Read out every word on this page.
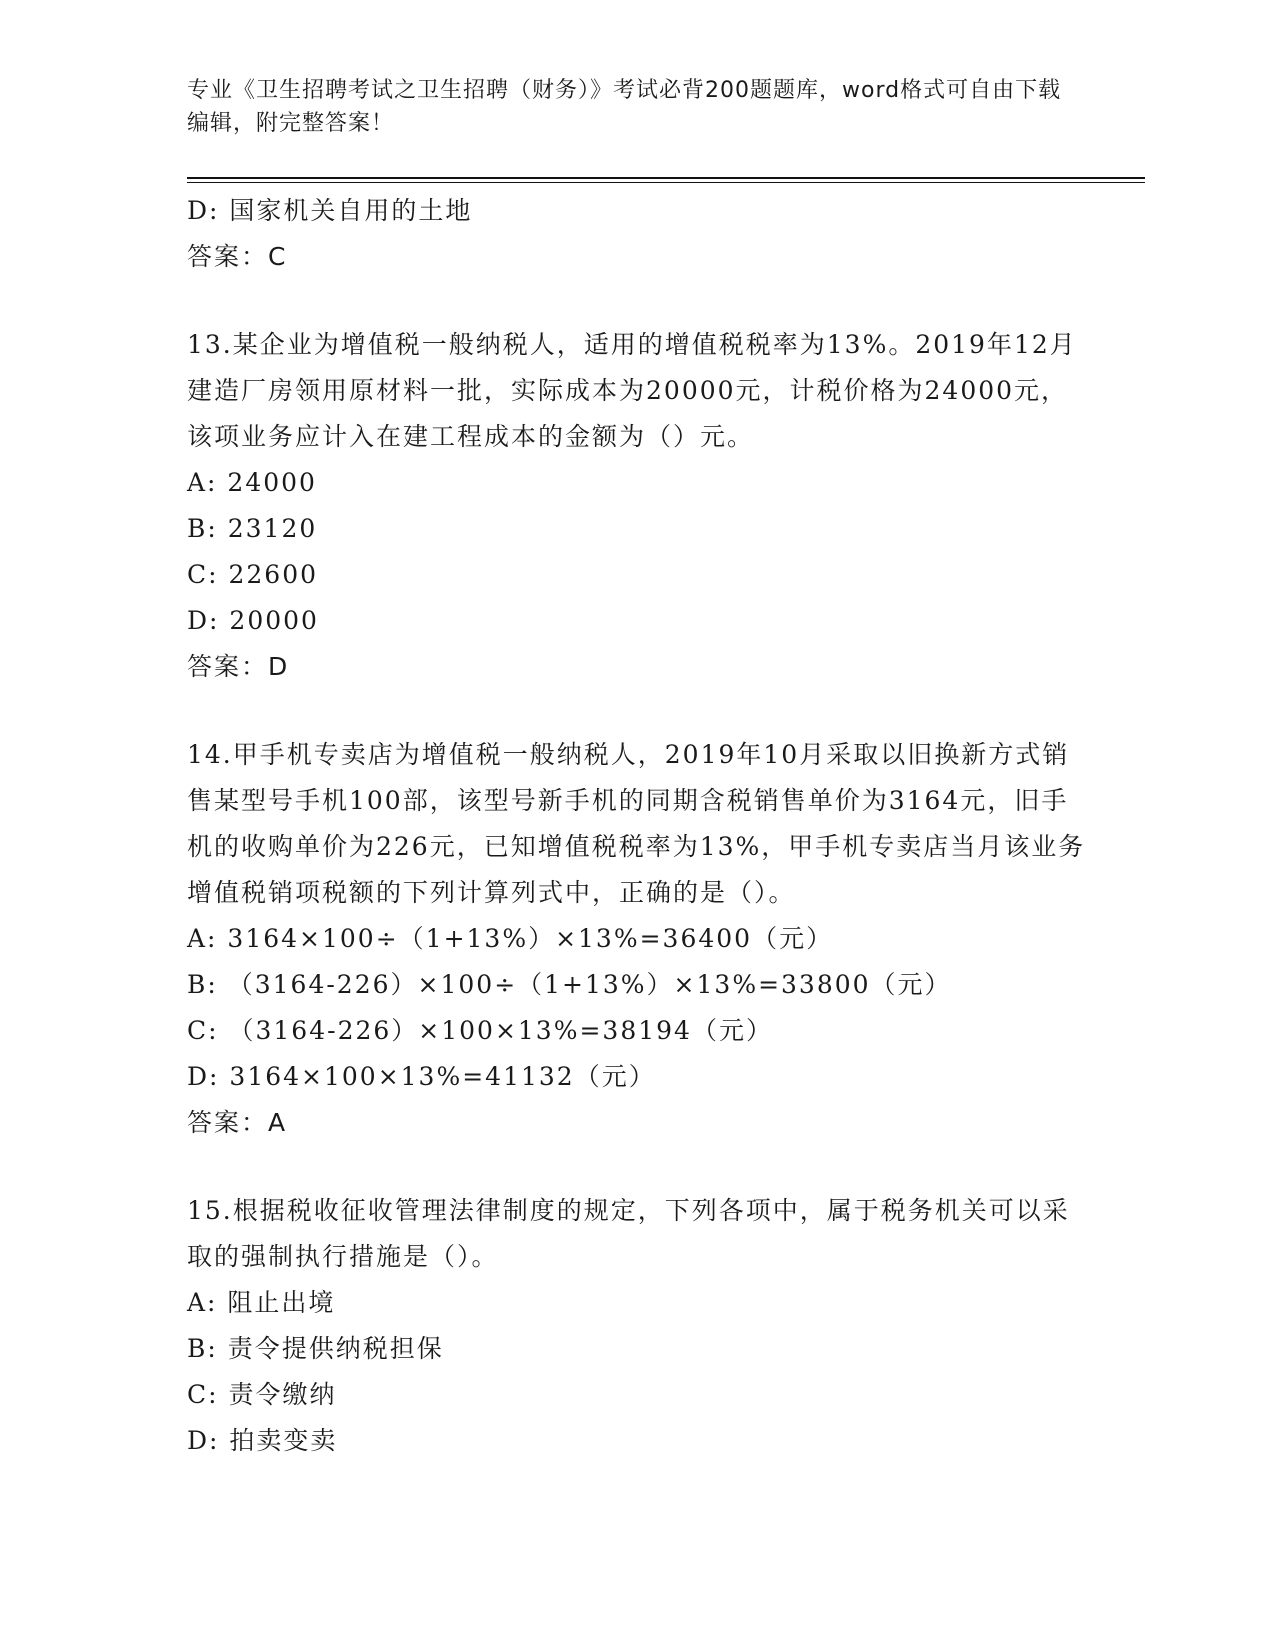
专业《卫生招聘考试之卫生招聘（财务）》考试必背200题题库，word格式可自由下载编辑，附完整答案！
D: 国家机关自用的土地
答案：C
13.某企业为增值税一般纳税人，适用的增值税税率为13%。2019年12月建造厂房领用原材料一批，实际成本为20000元，计税价格为24000元，该项业务应计入在建工程成本的金额为（）元。
A: 24000
B: 23120
C: 22600
D: 20000
答案：D
14.甲手机专卖店为增值税一般纳税人，2019年10月采取以旧换新方式销售某型号手机100部，该型号新手机的同期含税销售单价为3164元，旧手机的收购单价为226元，已知增值税税率为13%，甲手机专卖店当月该业务增值税销项税额的下列计算列式中，正确的是（）。
A: 3164×100÷（1+13%）×13%=36400（元）
B: （3164-226）×100÷（1+13%）×13%=33800（元）
C: （3164-226）×100×13%=38194（元）
D: 3164×100×13%=41132（元）
答案：A
15.根据税收征收管理法律制度的规定，下列各项中，属于税务机关可以采取的强制执行措施是（）。
A: 阻止出境
B: 责令提供纳税担保
C: 责令缴纳
D: 拍卖变卖
